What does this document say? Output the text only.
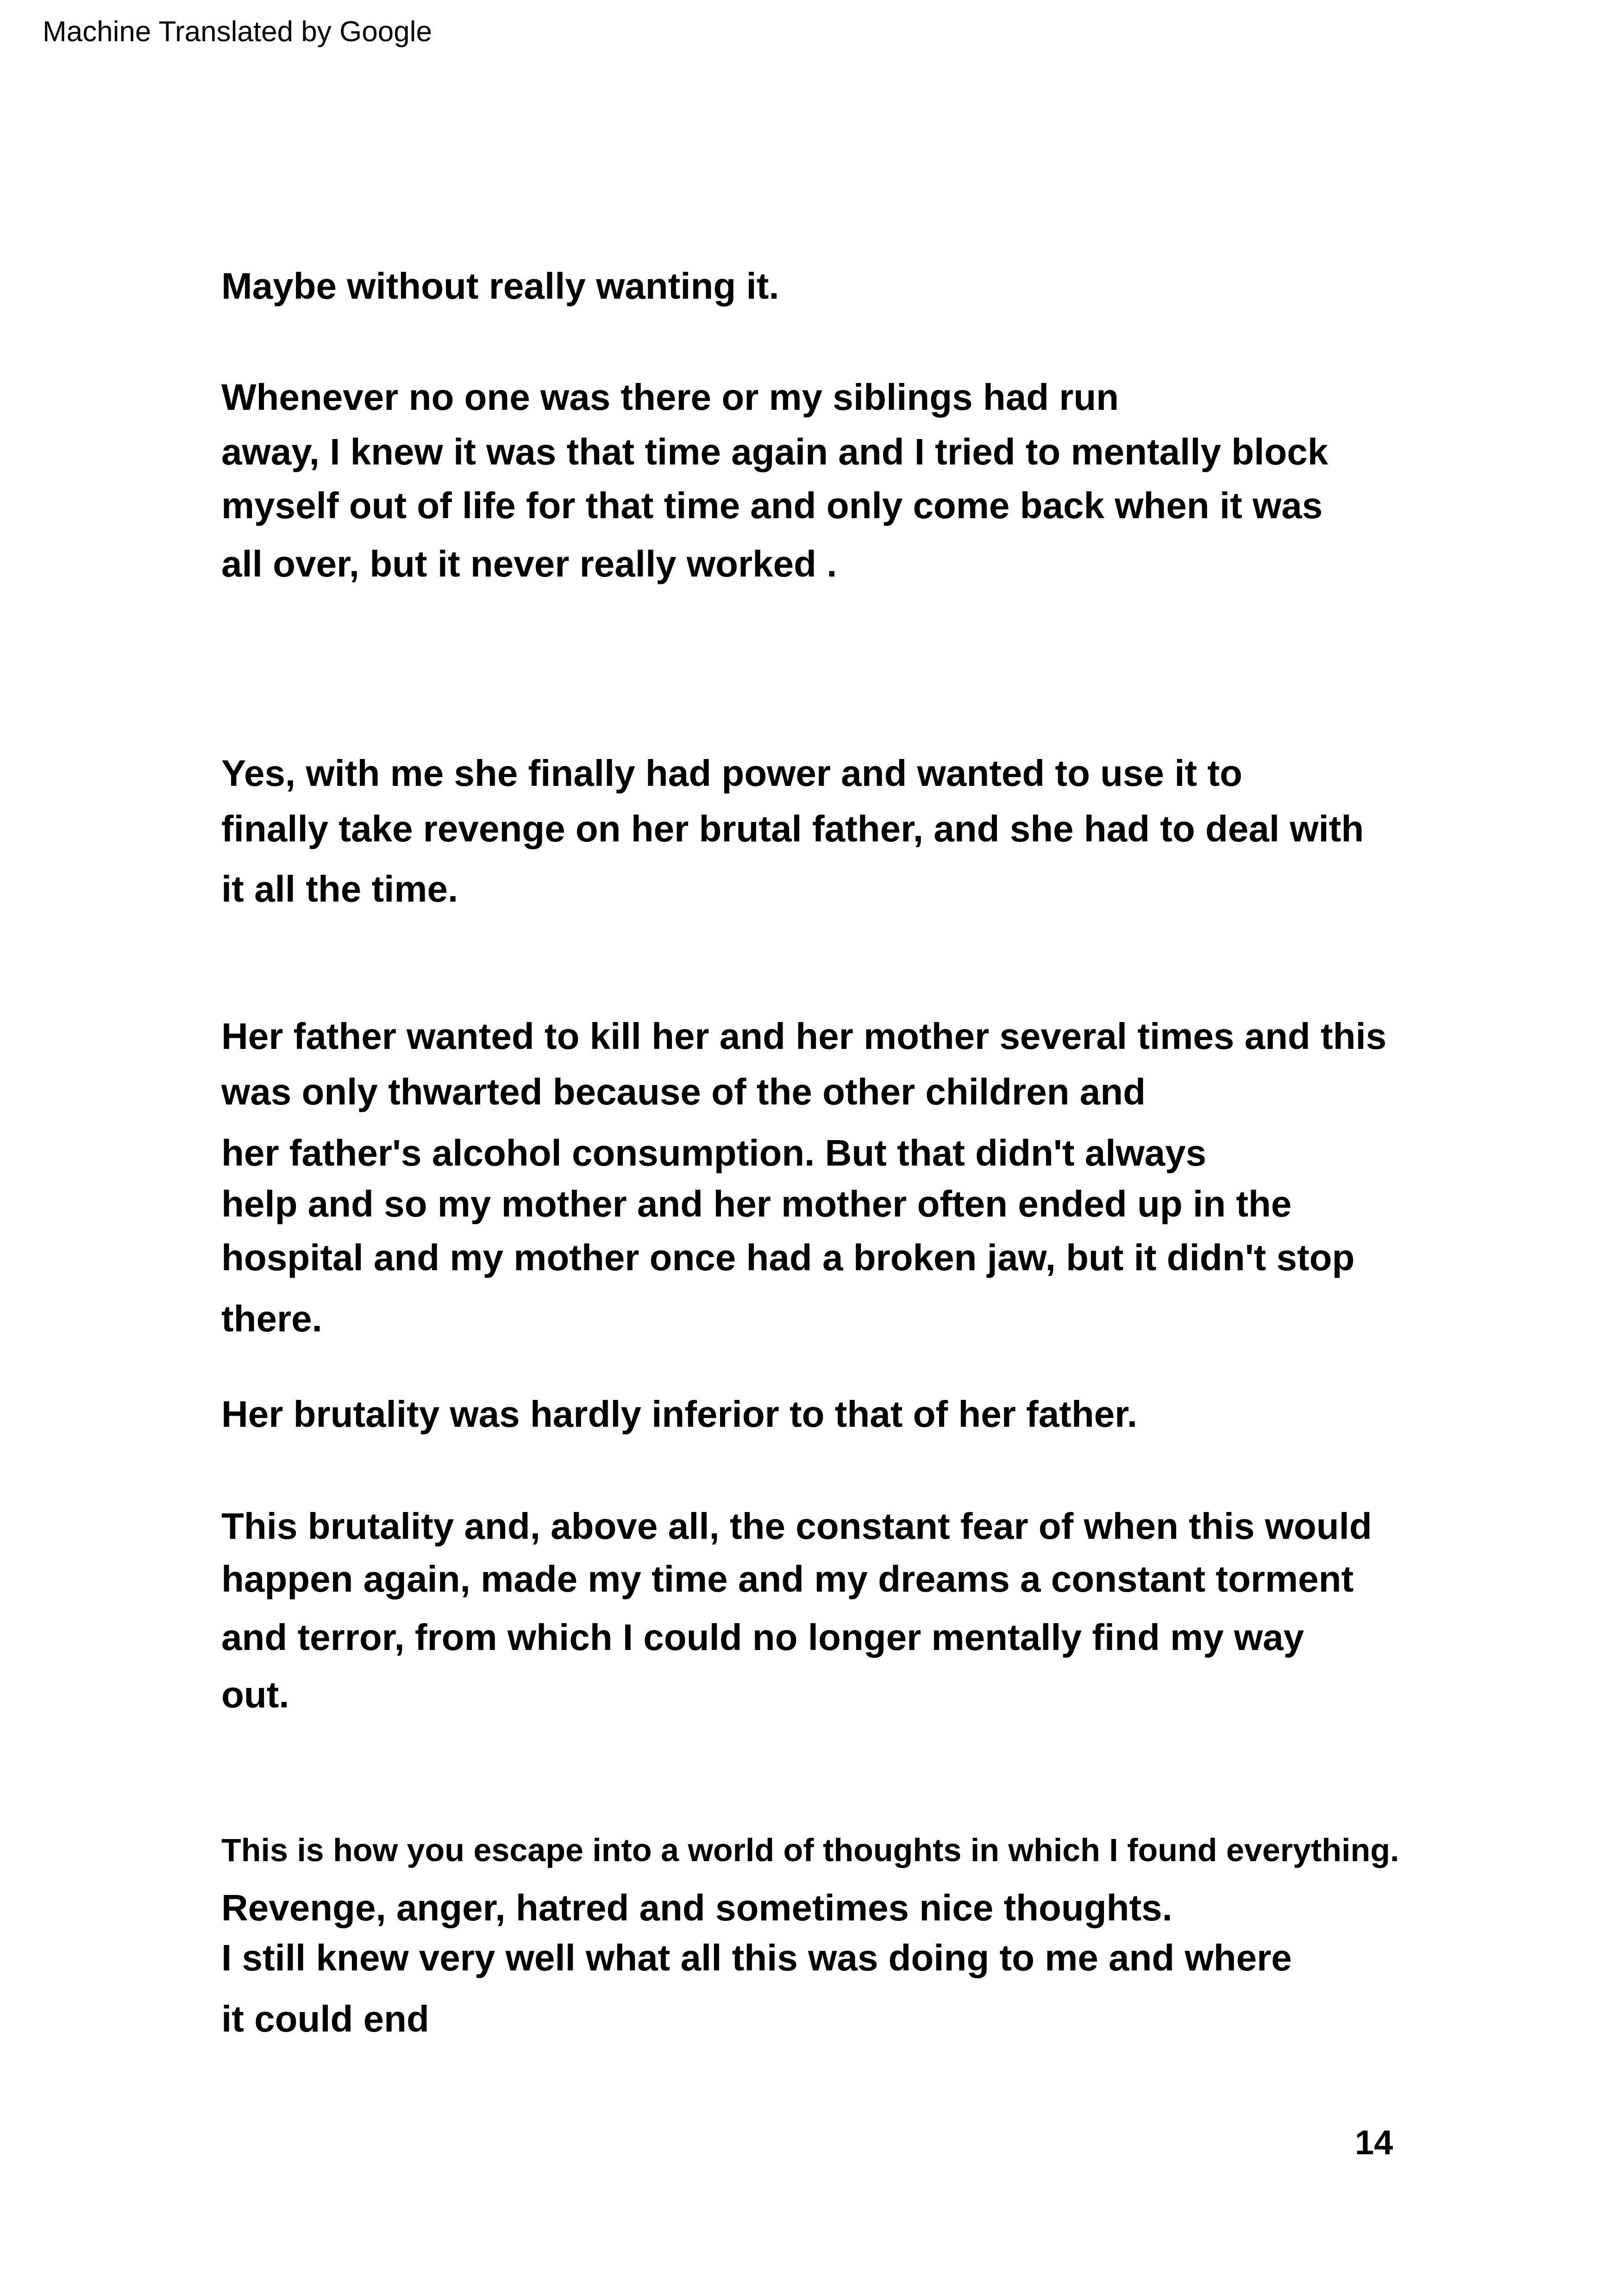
Machine Translated by Google
Maybe without really wanting it.
Whenever no one was there or my siblings had run
away, I knew it was that time again and I tried to mentally block
myself out of life for that time and only come back when it was
all over, but it never really worked .
Yes, with me she finally had power and wanted to use it to
finally take revenge on her brutal father, and she had to deal with
it all the time.
Her father wanted to kill her and her mother several times and this
was only thwarted because of the other children and
her father's alcohol consumption. But that didn't always
help and so my mother and her mother often ended up in the
hospital and my mother once had a broken jaw, but it didn't stop
there.
Her brutality was hardly inferior to that of her father.
This brutality and, above all, the constant fear of when this would
happen again, made my time and my dreams a constant torment
and terror, from which I could no longer mentally find my way
out.
This is how you escape into a world of thoughts in which I found everything.
Revenge, anger, hatred and sometimes nice thoughts.
I still knew very well what all this was doing to me and where
it could end
14
